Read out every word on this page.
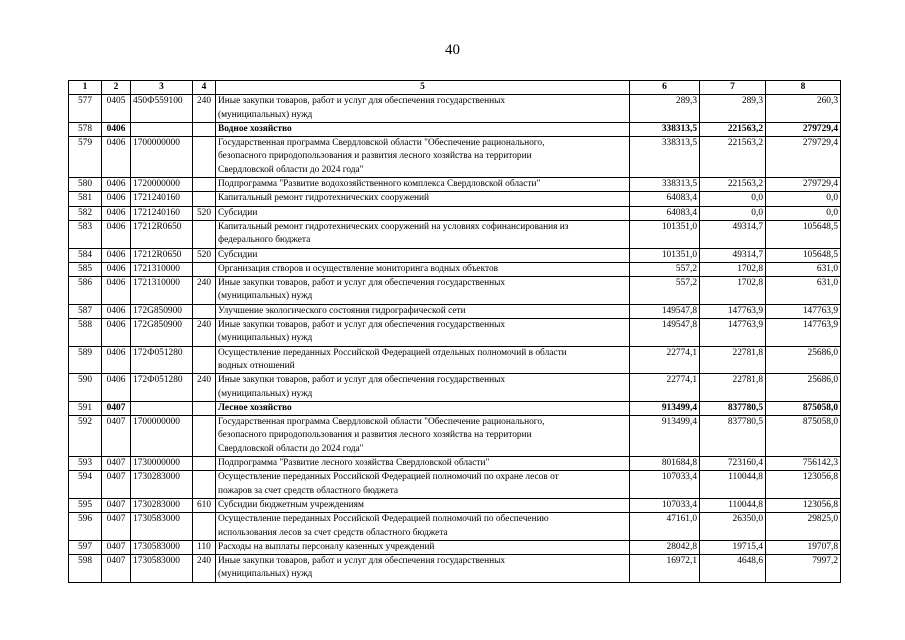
40
1	2	3	4	5	6	7	8
577	0405	450Ф559100	240	Иные закупки товаров, работ и услуг для обеспечения государственных
(муниципальных) нужд	289,3	289,3	260,3
578	0406			Водное хозяйство	338313,5	221563,2	279729,4
579	0406	1700000000		Государственная программа Свердловской области "Обеспечение рационального,
безопасного природопользования и развития лесного хозяйства на территории
Свердловской области до 2024 года"	338313,5	221563,2	279729,4
580	0406	1720000000		Подпрограмма "Развитие водохозяйственного комплекса Свердловской области"	338313,5	221563,2	279729,4
581	0406	1721240160		Капитальный ремонт гидротехнических сооружений	64083,4	0,0	0,0
582	0406	1721240160	520	Субсидии	64083,4	0,0	0,0
583	0406	17212R0650		Капитальный ремонт гидротехнических сооружений на условиях софинансирования из
федерального бюджета	101351,0	49314,7	105648,5
584	0406	17212R0650	520	Субсидии	101351,0	49314,7	105648,5
585	0406	1721310000		Организация створов и осуществление мониторинга водных объектов	557,2	1702,8	631,0
586	0406	1721310000	240	Иные закупки товаров, работ и услуг для обеспечения государственных
(муниципальных) нужд	557,2	1702,8	631,0
587	0406	172G850900		Улучшение экологического состояния гидрографической сети	149547,8	147763,9	147763,9
588	0406	172G850900	240	Иные закупки товаров, работ и услуг для обеспечения государственных
(муниципальных) нужд	149547,8	147763,9	147763,9
589	0406	172Ф051280		Осуществление переданных Российской Федерацией отдельных полномочий в области
водных отношений	22774,1	22781,8	25686,0
590	0406	172Ф051280	240	Иные закупки товаров, работ и услуг для обеспечения государственных
(муниципальных) нужд	22774,1	22781,8	25686,0
591	0407			Лесное хозяйство	913499,4	837780,5	875058,0
592	0407	1700000000		Государственная программа Свердловской области "Обеспечение рационального,
безопасного природопользования и развития лесного хозяйства на территории
Свердловской области до 2024 года"	913499,4	837780,5	875058,0
593	0407	1730000000		Подпрограмма "Развитие лесного хозяйства Свердловской области"	801684,8	723160,4	756142,3
594	0407	1730283000		Осуществление переданных Российской Федерацией полномочий по охране лесов от
пожаров за счет средств областного бюджета	107033,4	110044,8	123056,8
595	0407	1730283000	610	Субсидии бюджетным учреждениям	107033,4	110044,8	123056,8
596	0407	1730583000		Осуществление переданных Российской Федерацией полномочий по обеспечению
использования лесов за счет средств областного бюджета	47161,0	26350,0	29825,0
597	0407	1730583000	110	Расходы на выплаты персоналу казенных учреждений	28042,8	19715,4	19707,8
598	0407	1730583000	240	Иные закупки товаров, работ и услуг для обеспечения государственных
(муниципальных) нужд	16972,1	4648,6	7997,2
